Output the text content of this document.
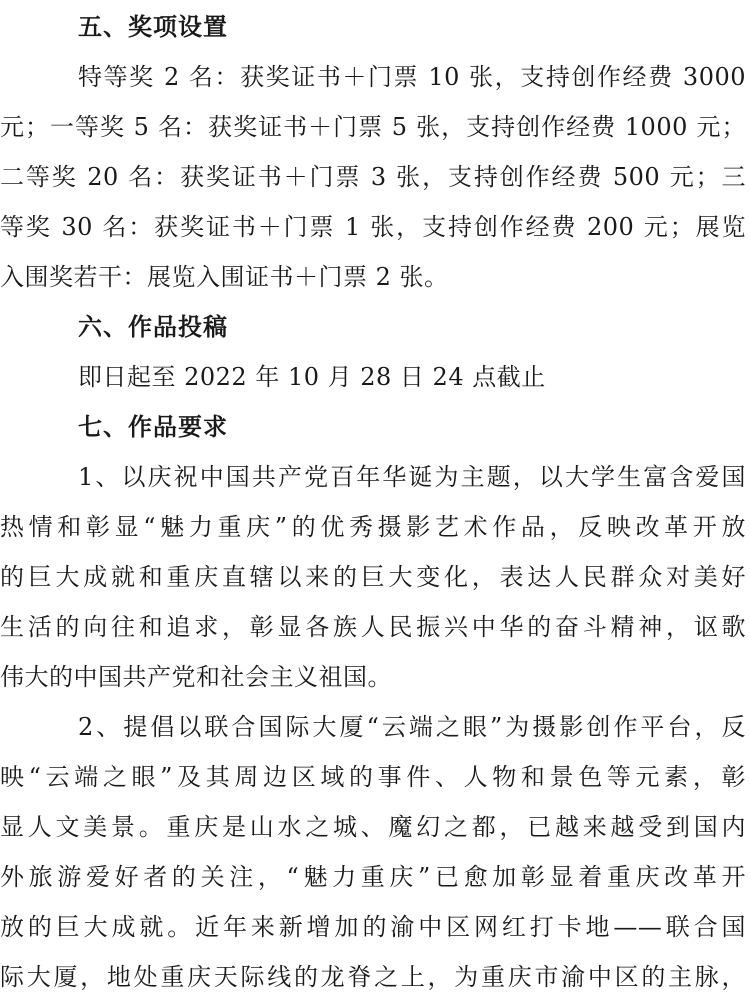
五、奖项设置
特等奖 2 名：获奖证书＋门票 10 张，支持创作经费 3000
元；一等奖 5 名：获奖证书＋门票 5 张，支持创作经费 1000 元；
二等奖 20 名：获奖证书＋门票 3 张，支持创作经费 500 元；三
等奖 30 名：获奖证书＋门票 1 张，支持创作经费 200 元；展览
入围奖若干：展览入围证书＋门票 2 张。
六、作品投稿
即日起至 2022 年 10 月 28 日 24 点截止
七、作品要求
1、以庆祝中国共产党百年华诞为主题，以大学生富含爱国
热情和彰显“魅力重庆”的优秀摄影艺术作品，反映改革开放
的巨大成就和重庆直辖以来的巨大变化，表达人民群众对美好
生活的向往和追求，彰显各族人民振兴中华的奋斗精神，讴歌
伟大的中国共产党和社会主义祖国。
2、提倡以联合国际大厦“云端之眼”为摄影创作平台，反
映“云端之眼”及其周边区域的事件、人物和景色等元素，彰
显人文美景。重庆是山水之城、魔幻之都，已越来越受到国内
外旅游爱好者的关注，“魅力重庆”已愈加彰显着重庆改革开
放的巨大成就。近年来新增加的渝中区网红打卡地——联合国
际大厦，地处重庆天际线的龙脊之上，为重庆市渝中区的主脉，
